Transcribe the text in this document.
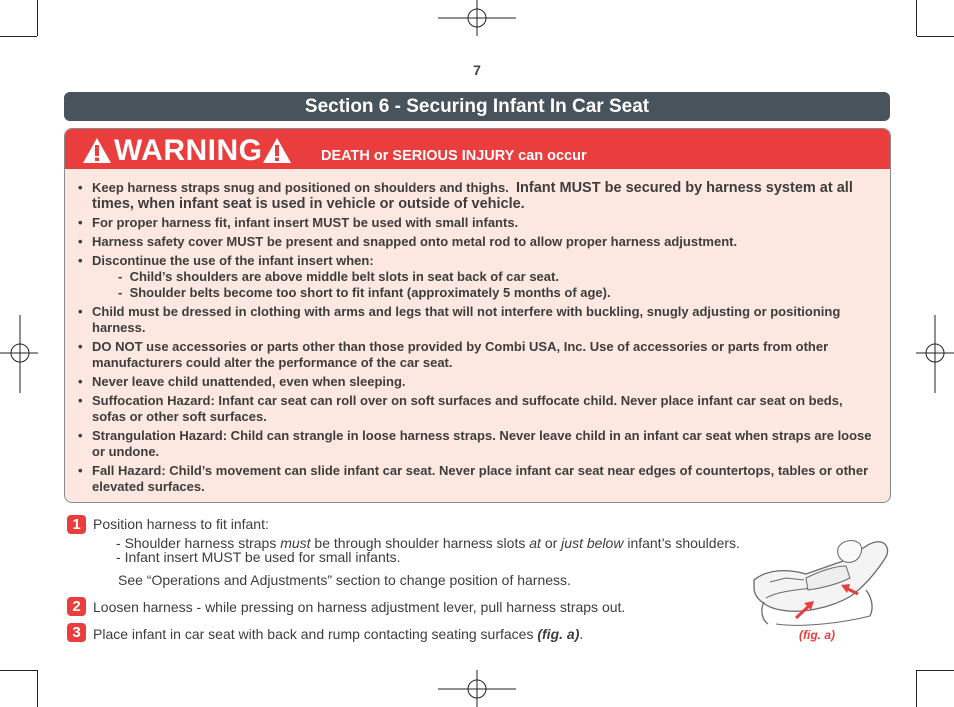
7
Section 6 - Securing Infant In Car Seat
WARNING	DEATH or SERIOUS INJURY can occur
• Keep harness straps snug and positioned on shoulders and thighs. Infant MUST be secured by harness system at all times, when infant seat is used in vehicle or outside of vehicle.
• For proper harness fit, infant insert MUST be used with small infants.
• Harness safety cover MUST be present and snapped onto metal rod to allow proper harness adjustment.
• Discontinue the use of the infant insert when:
-  Child’s shoulders are above middle belt slots in seat back of car seat.
-  Shoulder belts become too short to fit infant (approximately 5 months of age).
• Child must be dressed in clothing with arms and legs that will not interfere with buckling, snugly adjusting or positioning harness.
• DO NOT use accessories or parts other than those provided by Combi USA, Inc. Use of accessories or parts from other manufacturers could alter the performance of the car seat.
• Never leave child unattended, even when sleeping.
• Suffocation Hazard: Infant car seat can roll over on soft surfaces and suffocate child. Never place infant car seat on beds, sofas or other soft surfaces.
• Strangulation Hazard: Child can strangle in loose harness straps. Never leave child in an infant car seat when straps are loose or undone.
• Fall Hazard: Child’s movement can slide infant car seat. Never place infant car seat near edges of countertops, tables or other elevated surfaces.
1 Position harness to fit infant:
- Shoulder harness straps must be through shoulder harness slots at or just below infant’s shoulders.
- Infant insert MUST be used for small infants.
See “Operations and Adjustments” section to change position of harness.
2 Loosen harness - while pressing on harness adjustment lever, pull harness straps out.
3 Place infant in car seat with back and rump contacting seating surfaces (fig. a).	(fig. a)
